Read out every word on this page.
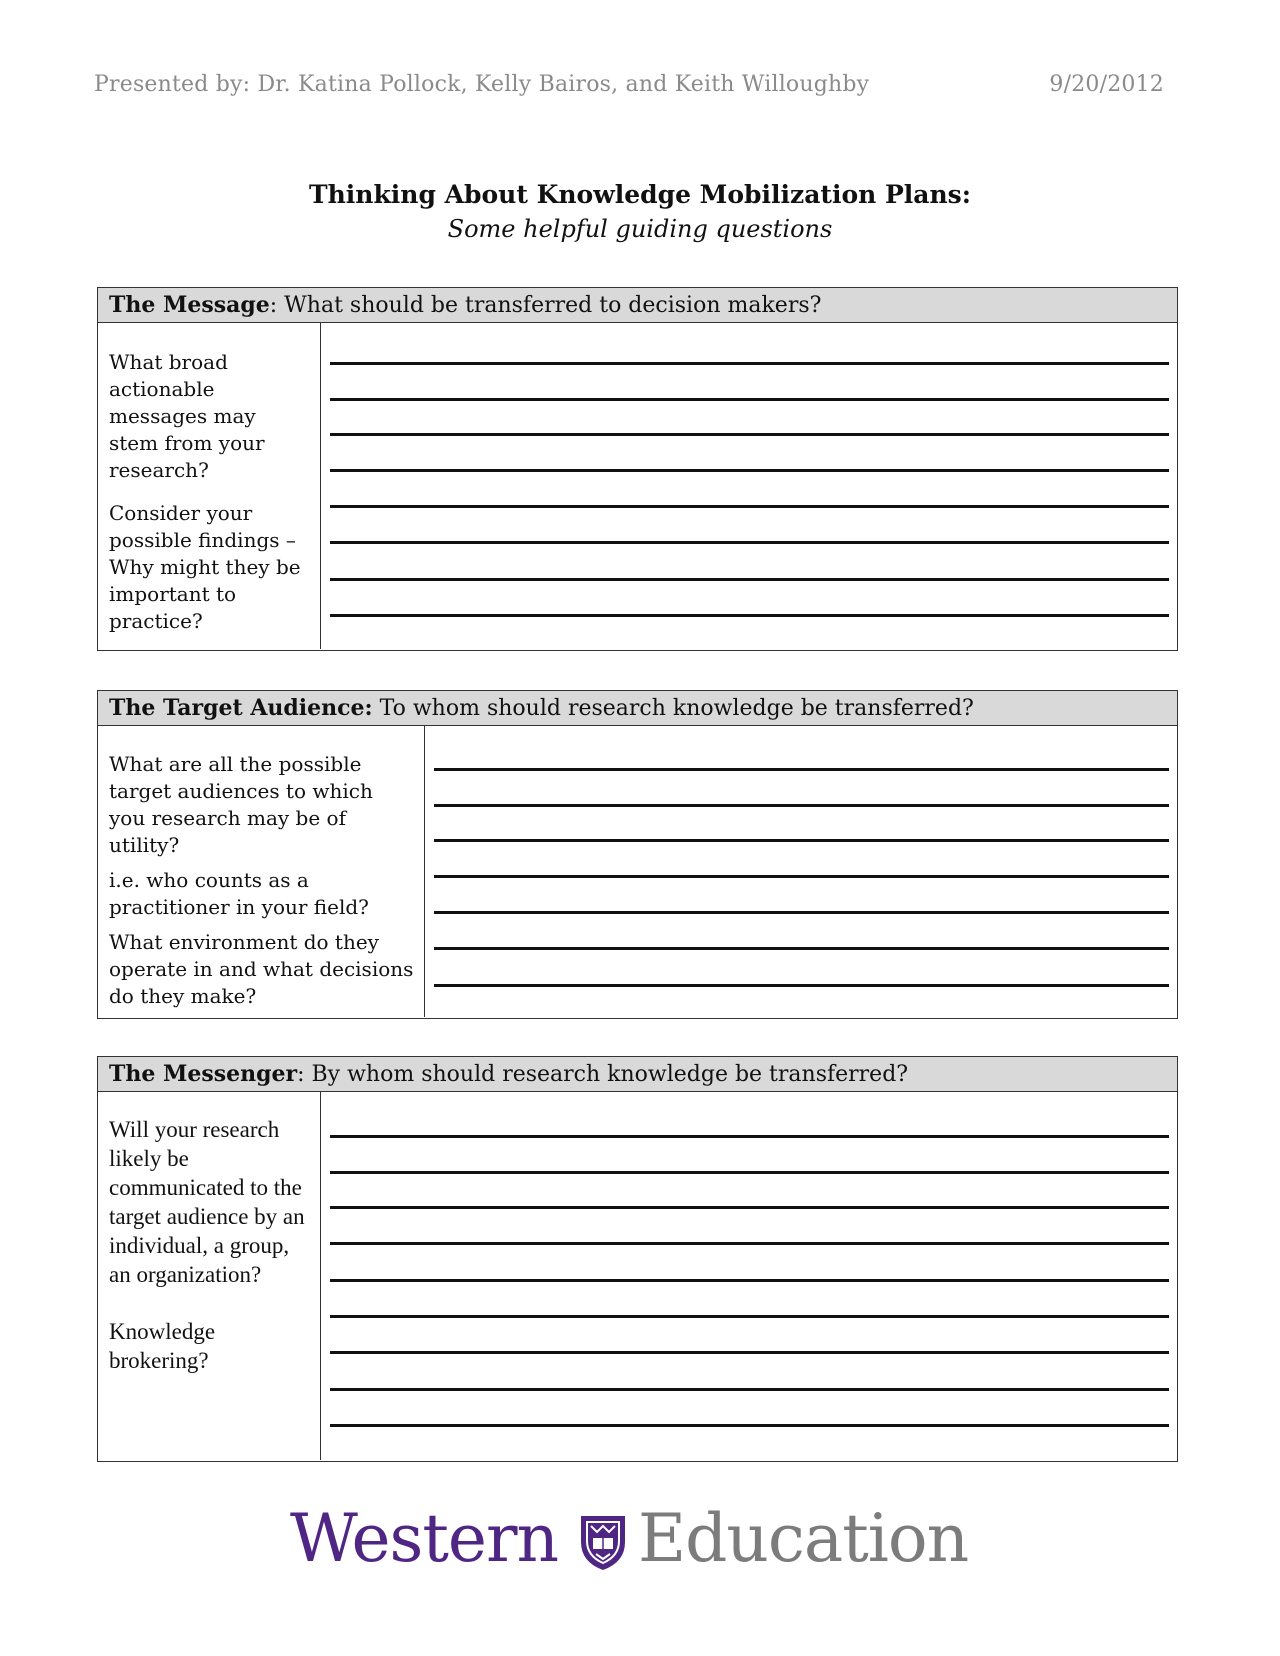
Presented by: Dr. Katina Pollock, Kelly Bairos, and Keith Willoughby	9/20/2012
Thinking About Knowledge Mobilization Plans:
Some helpful guiding questions
The Message: What should be transferred to decision makers?

What broad actionable messages may stem from your research?

Consider your possible findings – Why might they be important to practice?

The Target Audience: To whom should research knowledge be transferred?

What are all the possible target audiences to which you research may be of utility?

i.e. who counts as a practitioner in your field?

What environment do they operate in and what decisions do they make?

The Messenger: By whom should research knowledge be transferred?

Will your research likely be communicated to the target audience by an individual, a group, an organization?

Knowledge brokering?

Western Education
